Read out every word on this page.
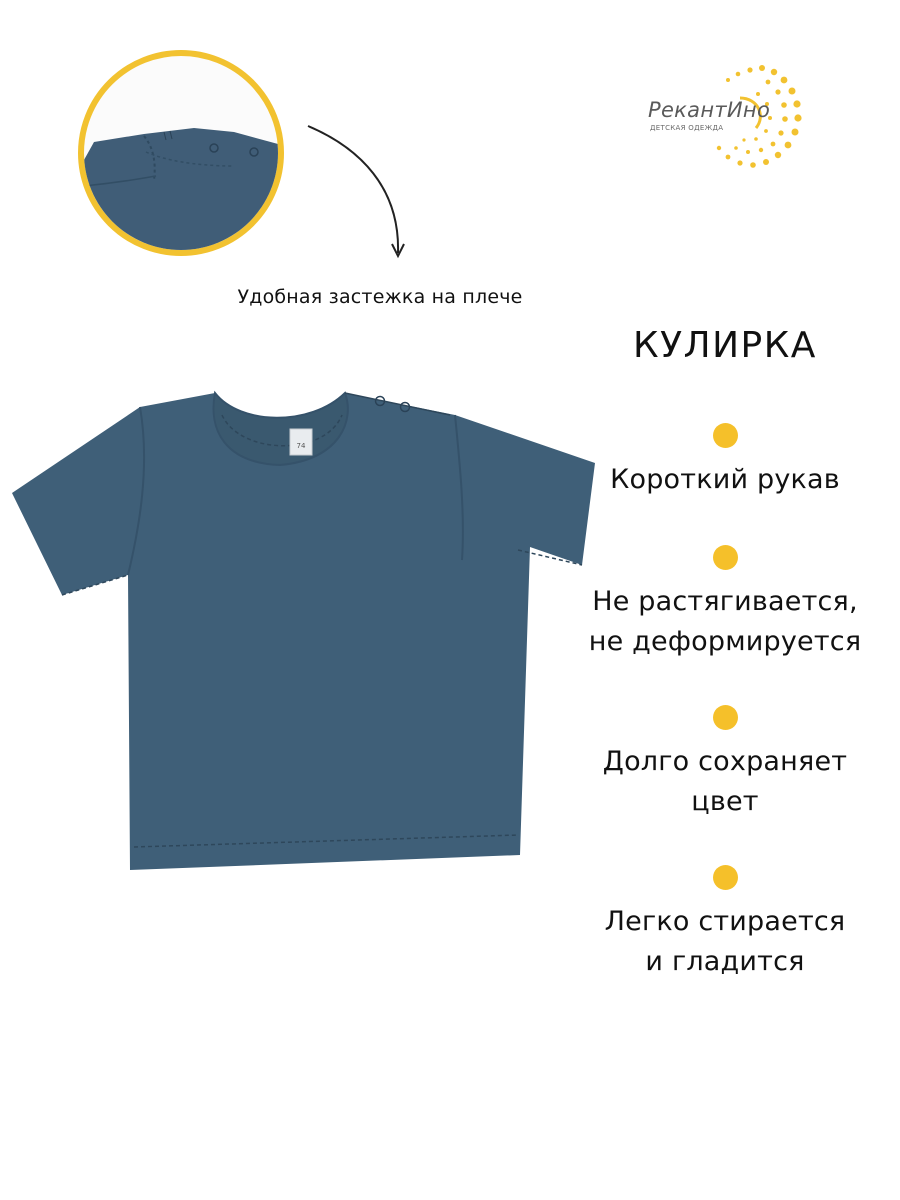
Удобная застежка на плече
РекантИно
ДЕТСКАЯ ОДЕЖДА
74
КУЛИРКА
Короткий рукав
Не растягивается,
не деформируется
Долго сохраняет
цвет
Легко стирается
и гладится
